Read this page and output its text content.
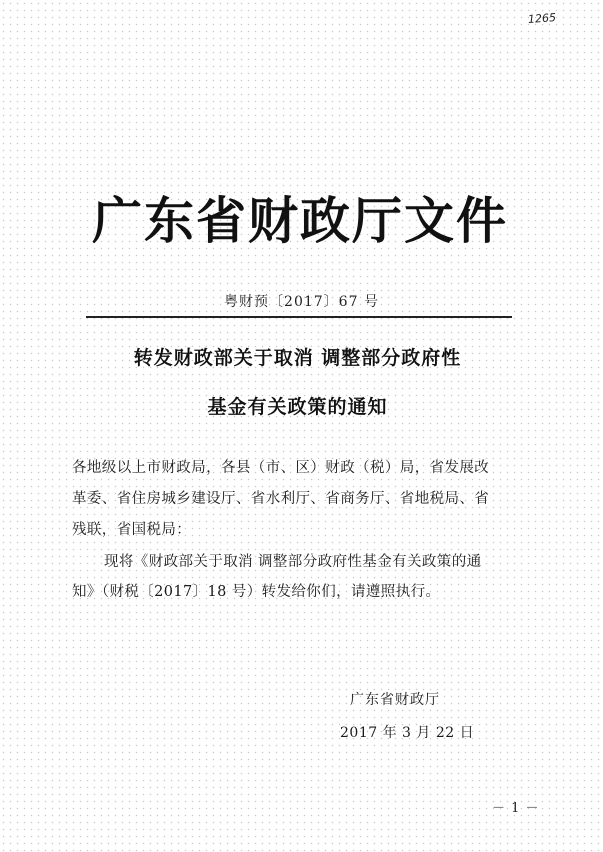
1265
广东省财政厅文件
粤财预〔2017〕67 号
转发财政部关于取消 调整部分政府性
基金有关政策的通知
各地级以上市财政局，各县（市、区）财政（税）局，省发展改
革委、省住房城乡建设厅、省水利厅、省商务厅、省地税局、省
残联，省国税局：
现将《财政部关于取消 调整部分政府性基金有关政策的通
知》（财税〔2017〕18 号）转发给你们，请遵照执行。
广东省财政厅
2017 年 3 月 22 日
－ 1 －
